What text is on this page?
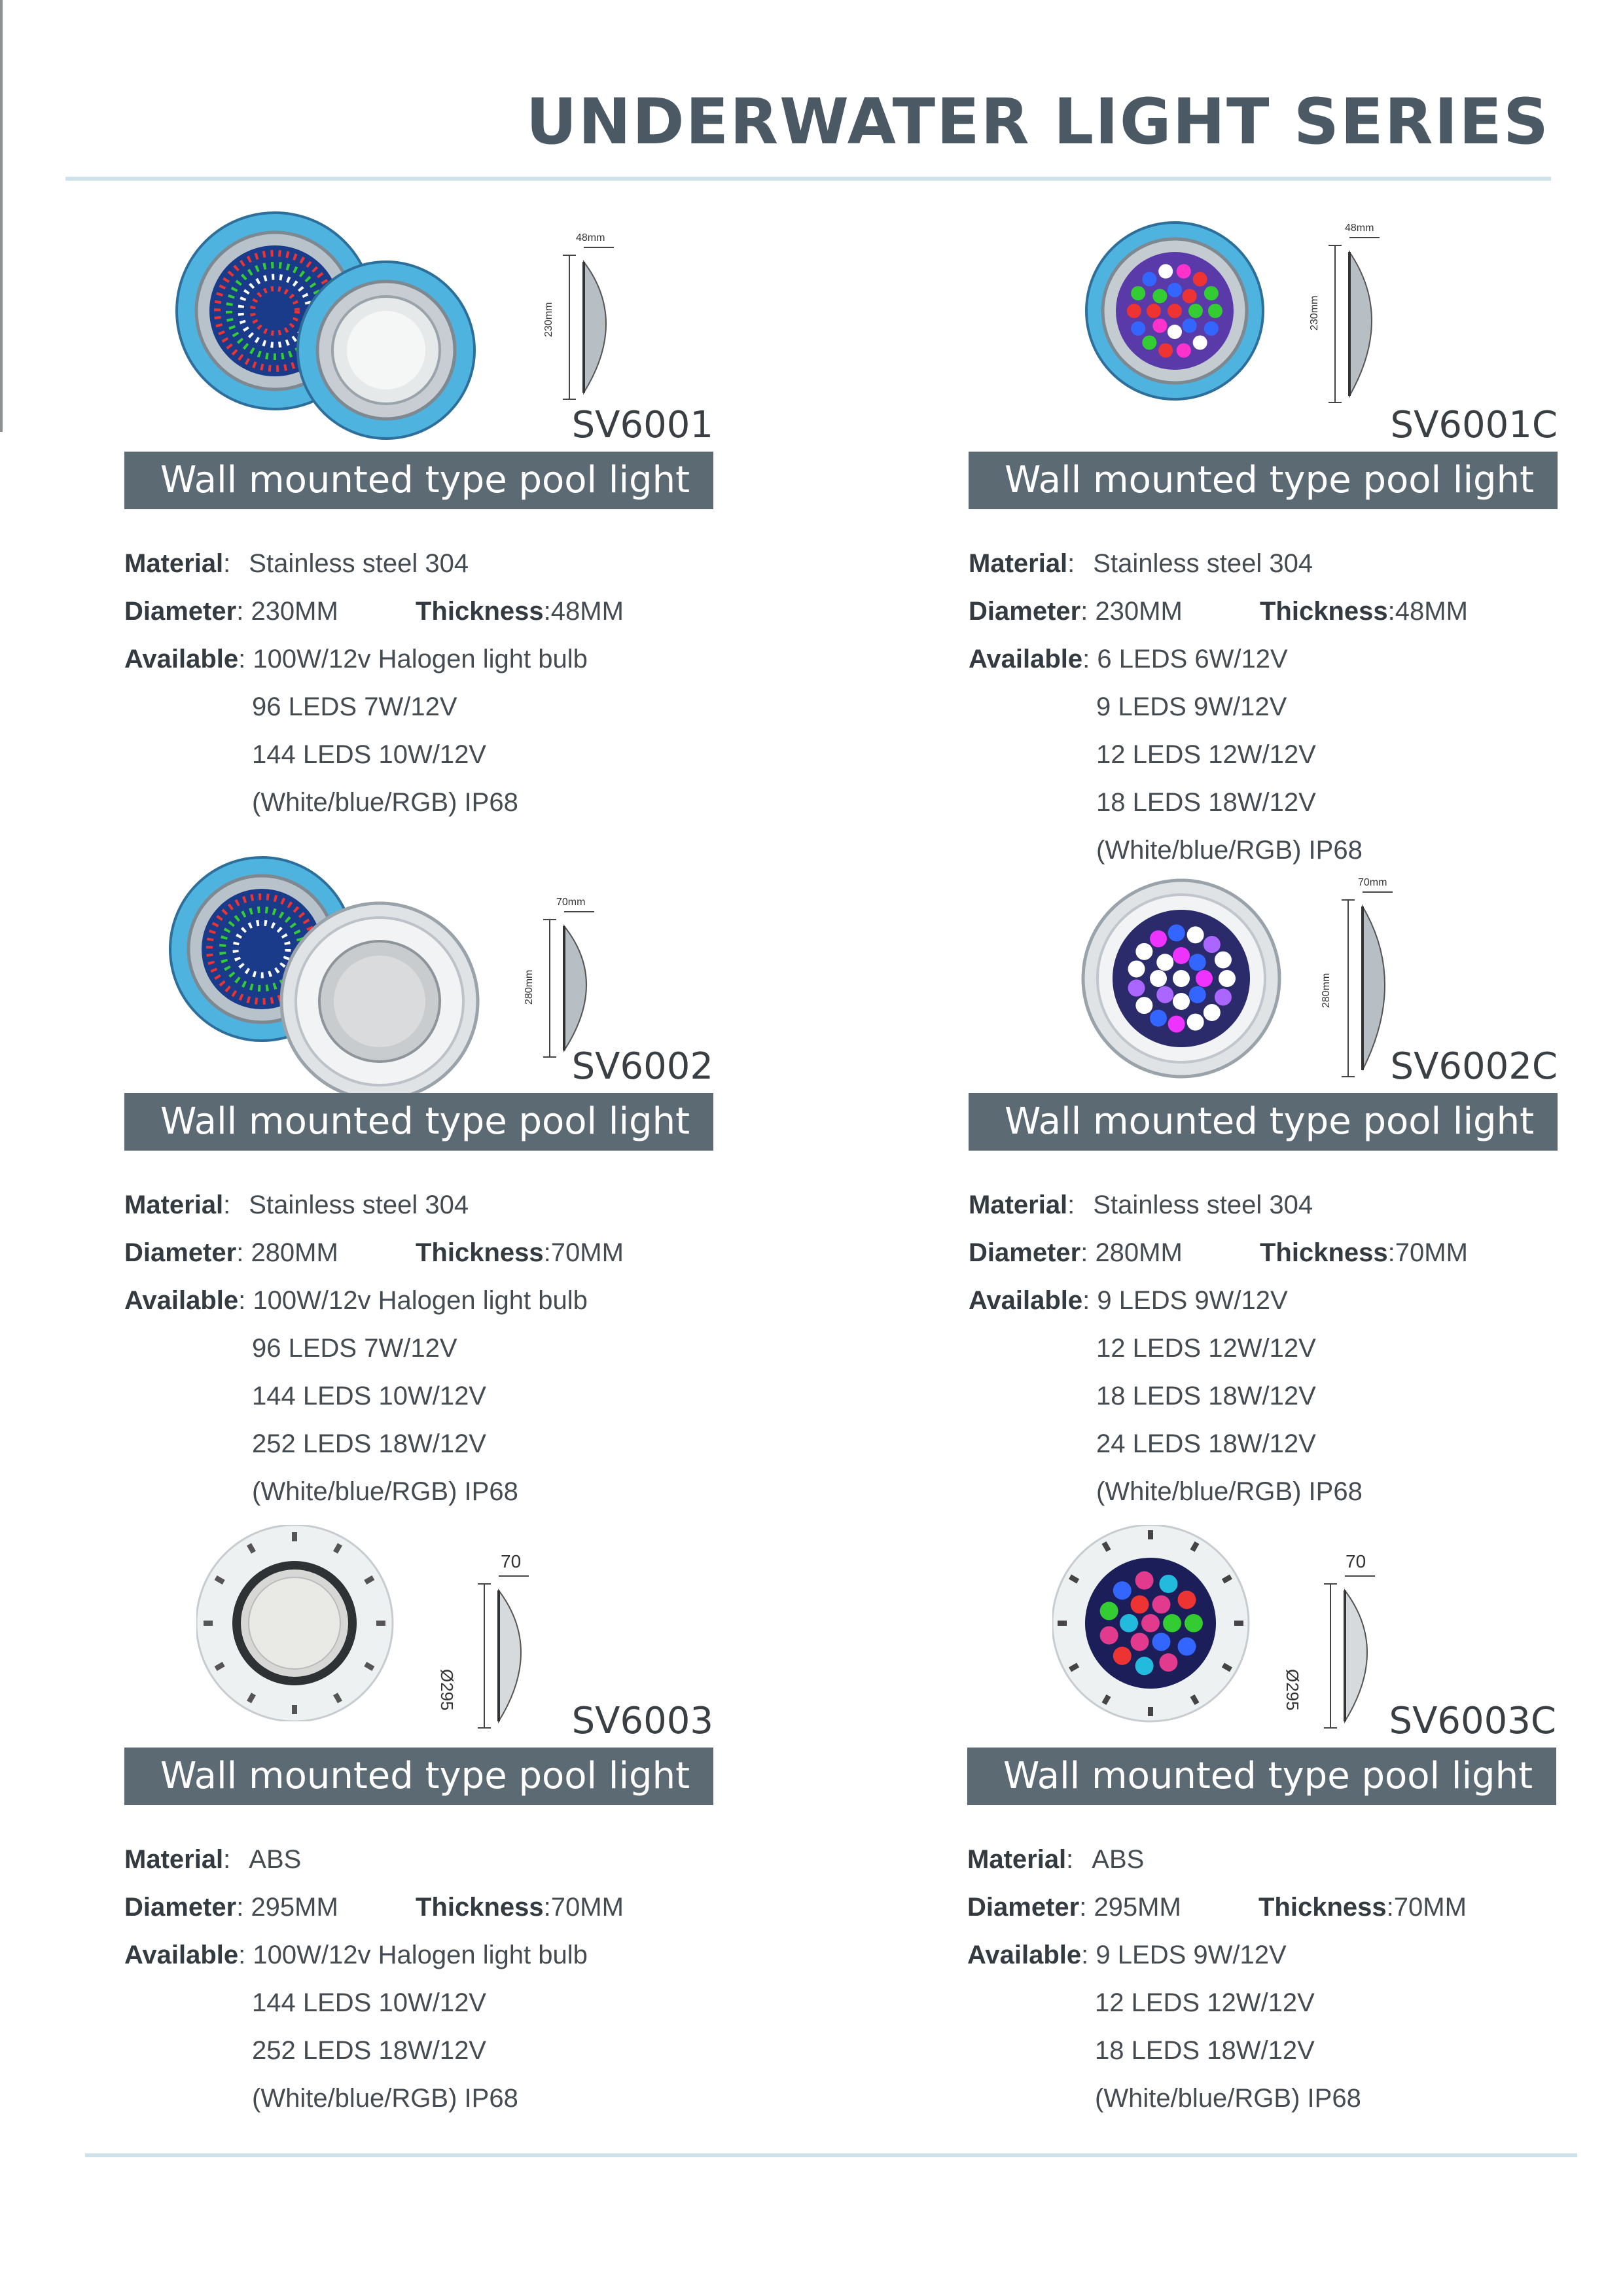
UNDERWATER LIGHT SERIES
48mm
230mm
SV6001
Wall mounted type pool light
Material: Stainless steel 304
Diameter: 230MM	Thickness:48MM
Available: 100W/12v Halogen light bulb
96 LEDS 7W/12V
144 LEDS 10W/12V
(White/blue/RGB) IP68
48mm
230mm
SV6001C
Wall mounted type pool light
Material: Stainless steel 304
Diameter: 230MM	Thickness:48MM
Available: 6 LEDS 6W/12V
9 LEDS 9W/12V
12 LEDS 12W/12V
18 LEDS 18W/12V
(White/blue/RGB) IP68
70mm
280mm
SV6002
Wall mounted type pool light
Material: Stainless steel 304
Diameter: 280MM	Thickness:70MM
Available: 100W/12v Halogen light bulb
96 LEDS 7W/12V
144 LEDS 10W/12V
252 LEDS 18W/12V
(White/blue/RGB) IP68
70mm
280mm
SV6002C
Wall mounted type pool light
Material: Stainless steel 304
Diameter: 280MM	Thickness:70MM
Available: 9 LEDS 9W/12V
12 LEDS 12W/12V
18 LEDS 18W/12V
24 LEDS 18W/12V
(White/blue/RGB) IP68
70
Ø295
SV6003
Wall mounted type pool light
Material: ABS
Diameter: 295MM	Thickness:70MM
Available: 100W/12v Halogen light bulb
144 LEDS 10W/12V
252 LEDS 18W/12V
(White/blue/RGB) IP68
70
Ø295
SV6003C
Wall mounted type pool light
Material: ABS
Diameter: 295MM	Thickness:70MM
Available: 9 LEDS 9W/12V
12 LEDS 12W/12V
18 LEDS 18W/12V
(White/blue/RGB) IP68
